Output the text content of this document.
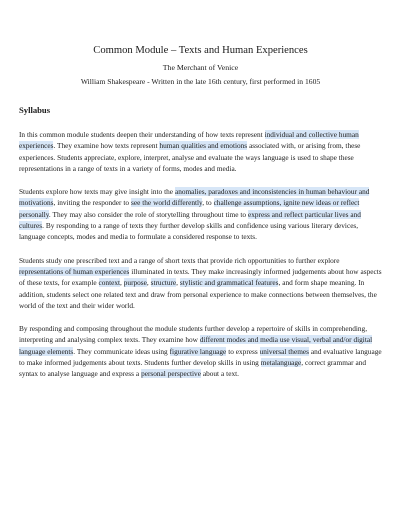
Common Module – Texts and Human Experiences
The Merchant of Venice
William Shakespeare - Written in the late 16th century, first performed in 1605
Syllabus

In this common module students deepen their understanding of how texts represent individual and collective human experiences. They examine how texts represent human qualities and emotions associated with, or arising from, these experiences. Students appreciate, explore, interpret, analyse and evaluate the ways language is used to shape these representations in a range of texts in a variety of forms, modes and media.

Students explore how texts may give insight into the anomalies, paradoxes and inconsistencies in human behaviour and motivations, inviting the responder to see the world differently, to challenge assumptions, ignite new ideas or reflect personally. They may also consider the role of storytelling throughout time to express and reflect particular lives and cultures. By responding to a range of texts they further develop skills and confidence using various literary devices, language concepts, modes and media to formulate a considered response to texts.

Students study one prescribed text and a range of short texts that provide rich opportunities to further explore representations of human experiences illuminated in texts. They make increasingly informed judgements about how aspects of these texts, for example context, purpose, structure, stylistic and grammatical features, and form shape meaning. In addition, students select one related text and draw from personal experience to make connections between themselves, the world of the text and their wider world.

By responding and composing throughout the module students further develop a repertoire of skills in comprehending, interpreting and analysing complex texts. They examine how different modes and media use visual, verbal and/or digital language elements. They communicate ideas using figurative language to express universal themes and evaluative language to make informed judgements about texts. Students further develop skills in using metalanguage, correct grammar and syntax to analyse language and express a personal perspective about a text.
